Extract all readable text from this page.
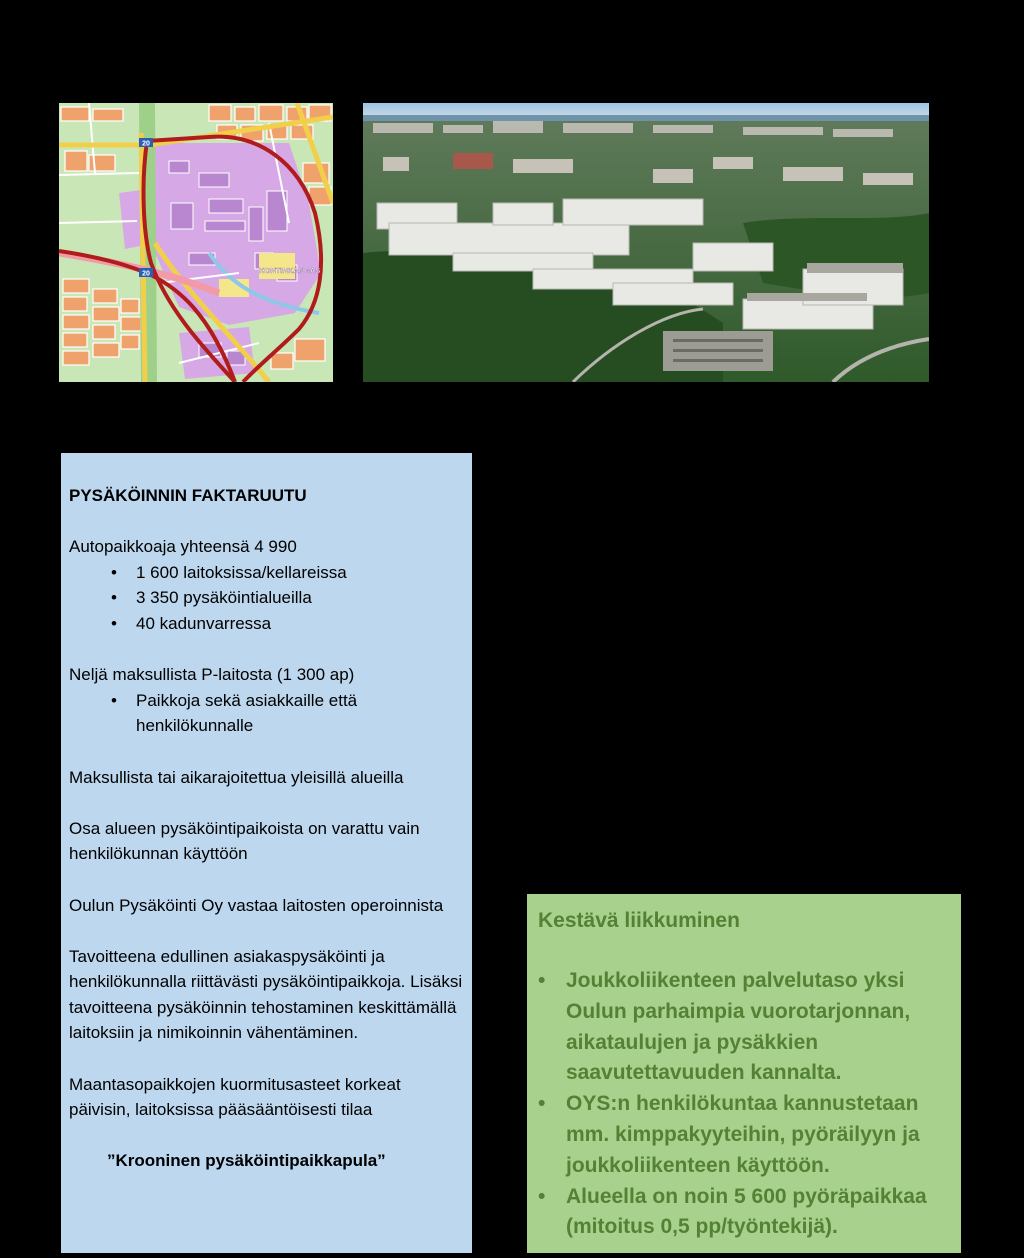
20
20	KONTINKANGAS

PYSÄKÖINNIN FAKTARUUTU

Autopaikkoaja yhteensä 4 990

• 1 600 laitoksissa/kellareissa
• 3 350 pysäköintialueilla
• 40 kadunvarressa

Neljä maksullista P-laitosta (1 300 ap)

• Paikkoja sekä asiakkaille että henkilökunnalle

Maksullista tai aikarajoitettua yleisillä alueilla

Osa alueen pysäköintipaikoista on varattu vain henkilökunnan käyttöön

Oulun Pysäköinti Oy vastaa laitosten operoinnista

Tavoitteena edullinen asiakaspysäköinti ja henkilökunnalla riittävästi pysäköintipaikkoja. Lisäksi tavoitteena pysäköinnin tehostaminen keskittämällä laitoksiin ja nimikoinnin vähentäminen.

Maantasopaikkojen kuormitusasteet korkeat päivisin, laitoksissa pääsääntöisesti tilaa

”Krooninen pysäköintipaikkapula”

Kestävä liikkuminen

• Joukkoliikenteen palvelutaso yksi Oulun parhaimpia vuorotarjonnan, aikataulujen ja pysäkkien saavutettavuuden kannalta.
• OYS:n henkilökuntaa kannustetaan mm. kimppakyyteihin, pyöräilyyn ja joukkoliikenteen käyttöön.
• Alueella on noin 5 600 pyöräpaikkaa (mitoitus 0,5 pp/työntekijä).
